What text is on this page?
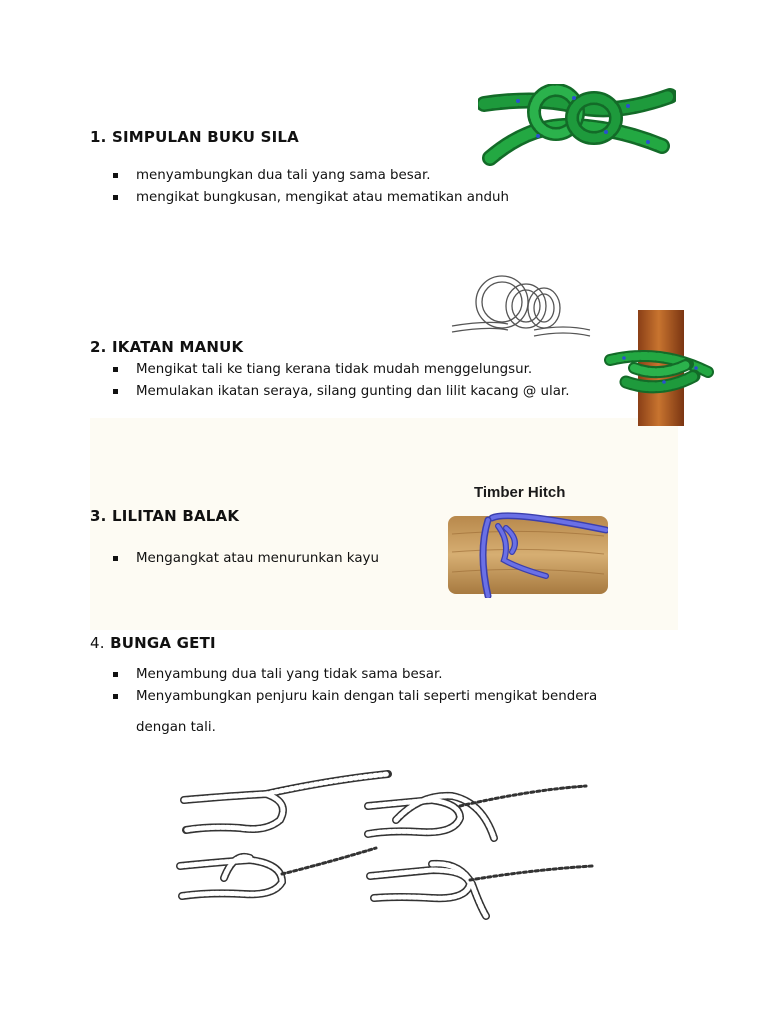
1. SIMPULAN BUKU SILA
menyambungkan dua tali yang sama besar.
mengikat bungkusan, mengikat atau mematikan anduh
2. IKATAN MANUK
Mengikat tali ke tiang kerana tidak mudah menggelungsur.
Memulakan ikatan seraya, silang gunting dan lilit kacang @ ular.
3. LILITAN BALAK
Mengangkat atau menurunkan kayu
Timber Hitch
4. BUNGA GETI
Menyambung dua tali yang tidak sama besar.
Menyambungkan penjuru kain dengan tali seperti mengikat bendera
dengan tali.
